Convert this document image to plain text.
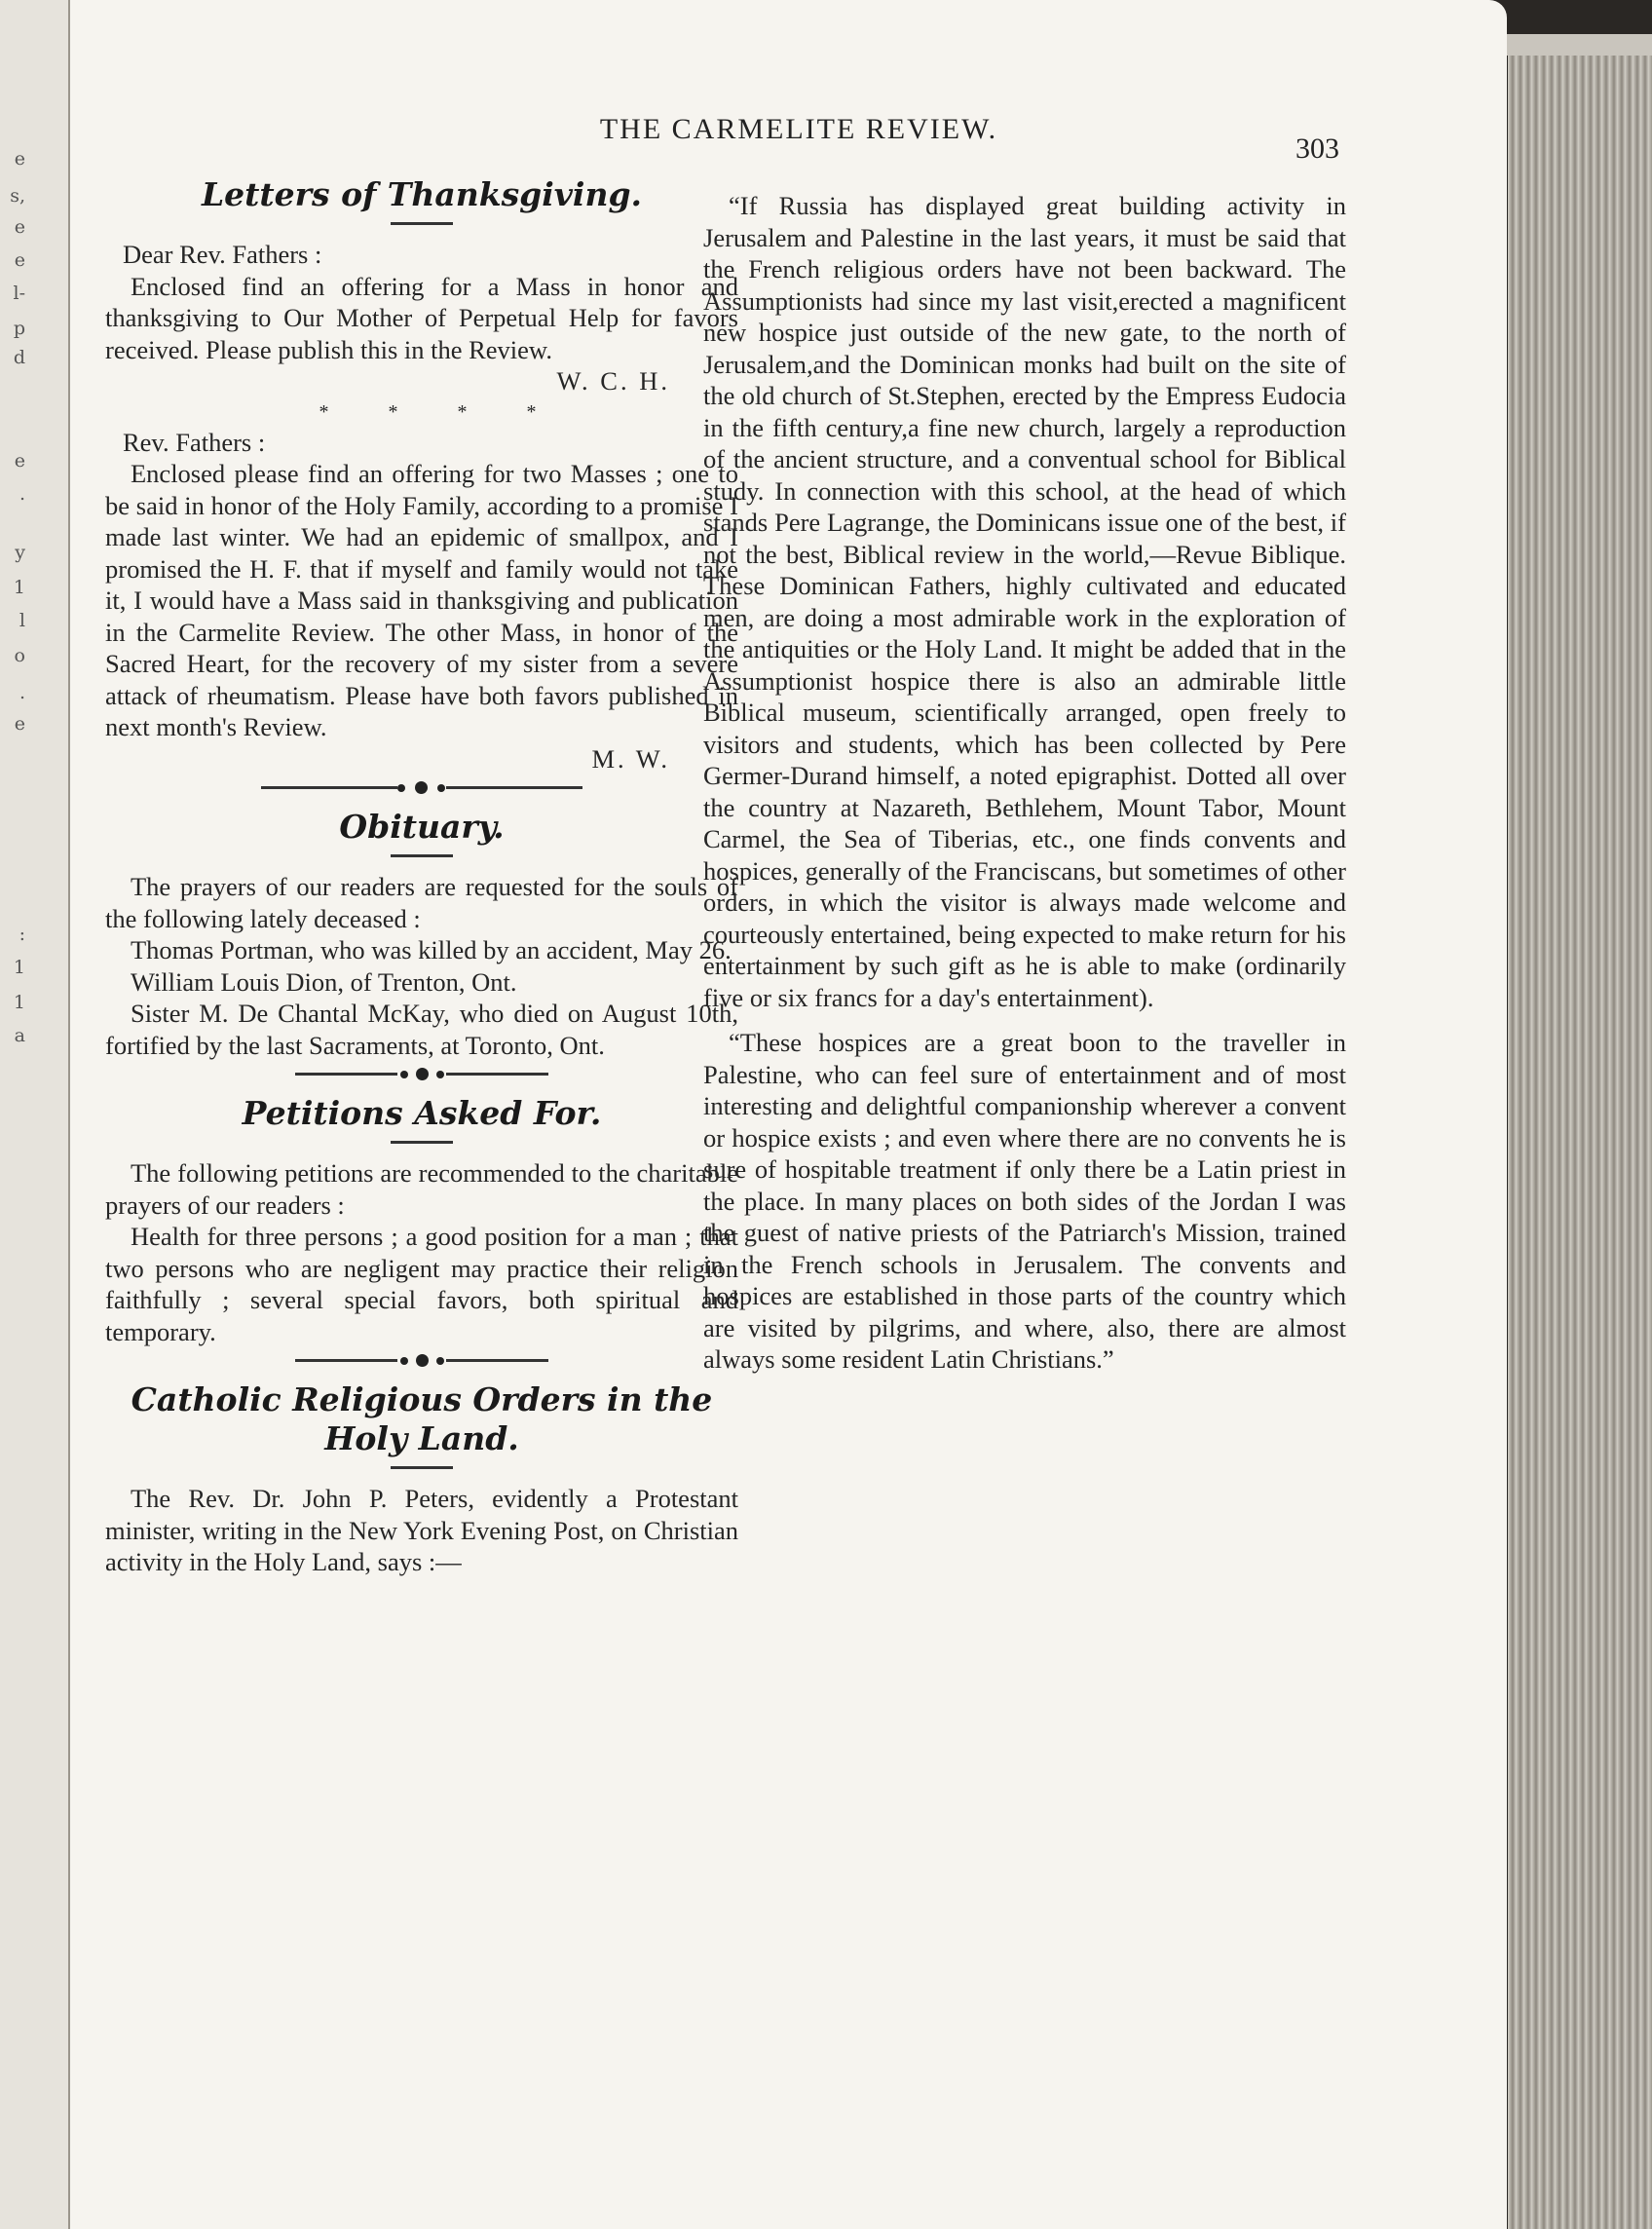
e
s,
e
e
l-
p
d
e
.
y
1
l
o
.
e
:
1
1
a
THE CARMELITE REVIEW.
303
Letters of Thanksgiving.

Dear Rev. Fathers :

Enclosed find an offering for a Mass in honor and thanksgiving to Our Mother of Perpetual Help for favors received. Please publish this in the Review.

W. C. H.

* * * *

Rev. Fathers :

Enclosed please find an offering for two Masses ; one to be said in honor of the Holy Family, according to a promise I made last winter. We had an epidemic of smallpox, and I promised the H. F. that if myself and family would not take it, I would have a Mass said in thanksgiving and publication in the Carmelite Review. The other Mass, in honor of the Sacred Heart, for the recovery of my sister from a severe attack of rheumatism. Please have both favors published in next month's Review.

M. W.

Obituary.

The prayers of our readers are requested for the souls of the following lately deceased :

Thomas Portman, who was killed by an accident, May 26.

William Louis Dion, of Trenton, Ont.

Sister M. De Chantal McKay, who died on August 10th, fortified by the last Sacraments, at Toronto, Ont.

Petitions Asked For.

The following petitions are recommended to the charitable prayers of our readers :

Health for three persons ; a good position for a man ; that two persons who are negligent may practice their religion faithfully ; several special favors, both spiritual and temporary.

Catholic Religious Orders in the
Holy Land.

The Rev. Dr. John P. Peters, evidently a Protestant minister, writing in the New York Evening Post, on Christian activity in the Holy Land, says :—

“If Russia has displayed great building activity in Jerusalem and Palestine in the last years, it must be said that the French religious orders have not been backward. The Assumptionists had since my last visit,erected a magnificent new hospice just outside of the new gate, to the north of Jerusalem,and the Dominican monks had built on the site of the old church of St.Stephen, erected by the Empress Eudocia in the fifth century,a fine new church, largely a reproduction of the ancient structure, and a conventual school for Biblical study. In connection with this school, at the head of which stands Pere Lagrange, the Dominicans issue one of the best, if not the best, Biblical review in the world,—Revue Biblique. These Dominican Fathers, highly cultivated and educated men, are doing a most admirable work in the exploration of the antiquities or the Holy Land. It might be added that in the Assumptionist hospice there is also an admirable little Biblical museum, scientifically arranged, open freely to visitors and students, which has been collected by Pere Germer-Durand himself, a noted epigraphist. Dotted all over the country at Nazareth, Bethlehem, Mount Tabor, Mount Carmel, the Sea of Tiberias, etc., one finds convents and hospices, generally of the Franciscans, but sometimes of other orders, in which the visitor is always made welcome and courteously entertained, being expected to make return for his entertainment by such gift as he is able to make (ordinarily five or six francs for a day's entertainment).

“These hospices are a great boon to the traveller in Palestine, who can feel sure of entertainment and of most interesting and delightful companionship wherever a convent or hospice exists ; and even where there are no convents he is sure of hospitable treatment if only there be a Latin priest in the place. In many places on both sides of the Jordan I was the guest of native priests of the Patriarch's Mission, trained in the French schools in Jerusalem. The convents and hospices are established in those parts of the country which are visited by pilgrims, and where, also, there are almost always some resident Latin Christians.”
